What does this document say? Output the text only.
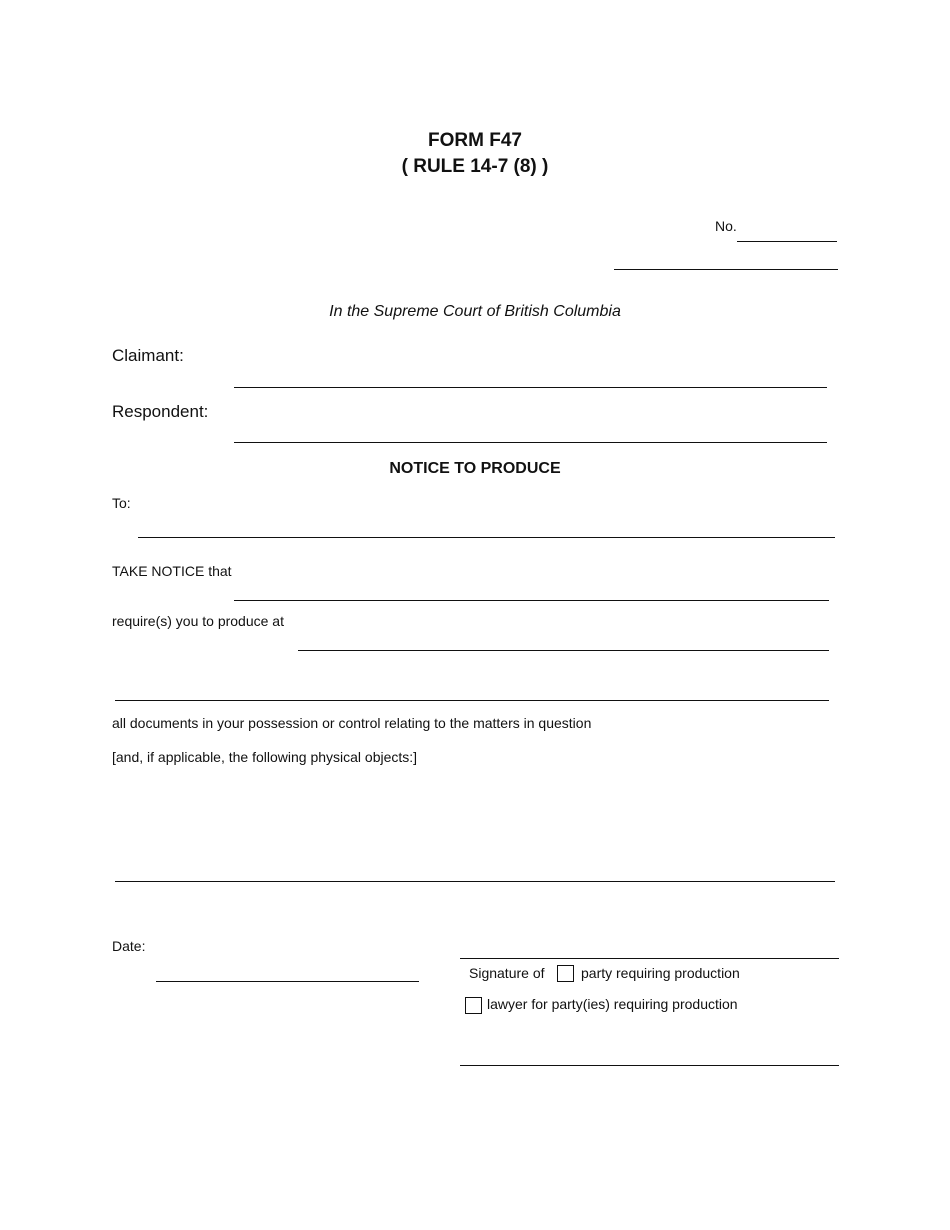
FORM F47
( RULE 14-7 (8) )
No.
In the Supreme Court of British Columbia
Claimant:
Respondent:
NOTICE TO PRODUCE
To:
TAKE NOTICE that
require(s) you to produce at
all documents in your possession or control relating to the matters in question
[and, if applicable, the following physical objects:]
Date:
Signature of	party requiring production
lawyer for party(ies) requiring production
